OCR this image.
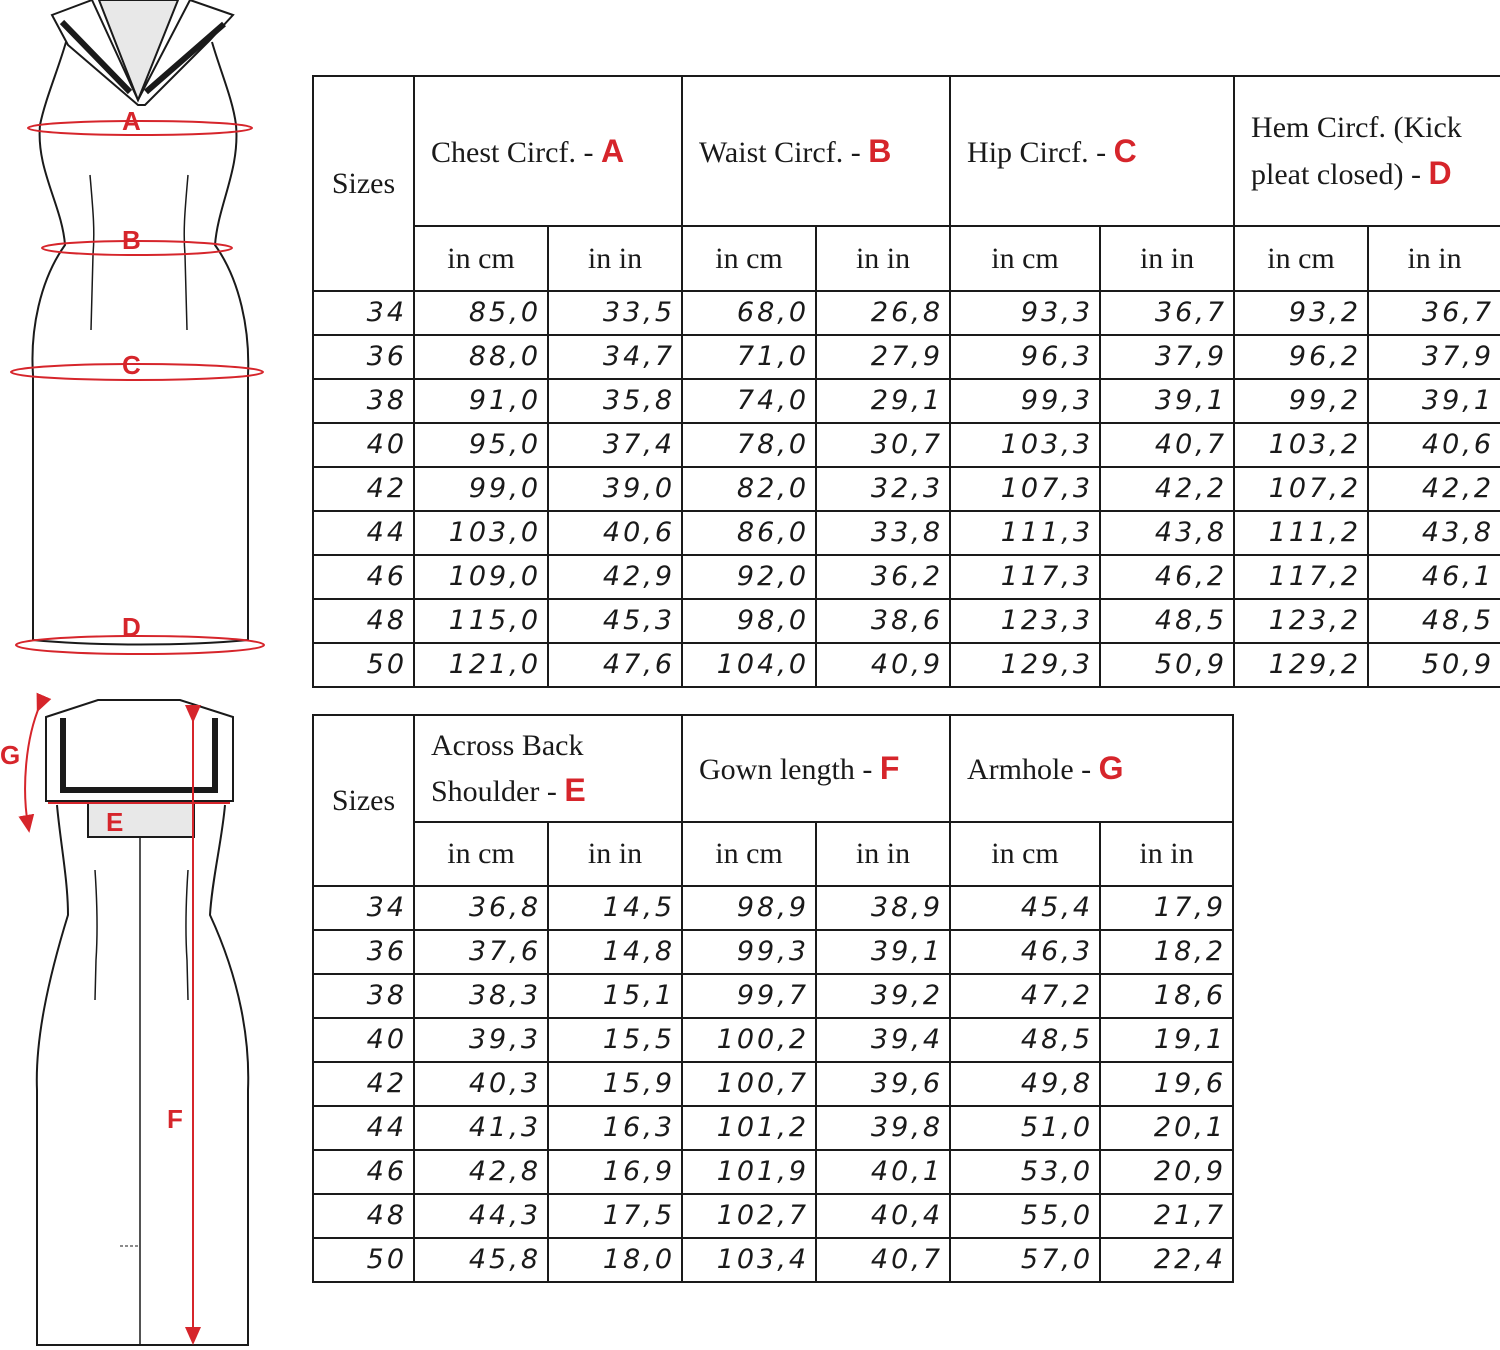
A
B
C
D
G
E
F
Sizes	Chest Circf. - A		Waist Circf. - B		Hip Circf. - C		Hem Circf. (Kick pleat closed) - D	
	in cm	in in	in cm	in in	in cm	in in	in cm	in in
34	85,0	33,5	68,0	26,8	93,3	36,7	93,2	36,7
36	88,0	34,7	71,0	27,9	96,3	37,9	96,2	37,9
38	91,0	35,8	74,0	29,1	99,3	39,1	99,2	39,1
40	95,0	37,4	78,0	30,7	103,3	40,7	103,2	40,6
42	99,0	39,0	82,0	32,3	107,3	42,2	107,2	42,2
44	103,0	40,6	86,0	33,8	111,3	43,8	111,2	43,8
46	109,0	42,9	92,0	36,2	117,3	46,2	117,2	46,1
48	115,0	45,3	98,0	38,6	123,3	48,5	123,2	48,5
50	121,0	47,6	104,0	40,9	129,3	50,9	129,2	50,9
Sizes	Across Back Shoulder - E		Gown length - F		Armhole - G	
	in cm	in in	in cm	in in	in cm	in in
34	36,8	14,5	98,9	38,9	45,4	17,9
36	37,6	14,8	99,3	39,1	46,3	18,2
38	38,3	15,1	99,7	39,2	47,2	18,6
40	39,3	15,5	100,2	39,4	48,5	19,1
42	40,3	15,9	100,7	39,6	49,8	19,6
44	41,3	16,3	101,2	39,8	51,0	20,1
46	42,8	16,9	101,9	40,1	53,0	20,9
48	44,3	17,5	102,7	40,4	55,0	21,7
50	45,8	18,0	103,4	40,7	57,0	22,4
